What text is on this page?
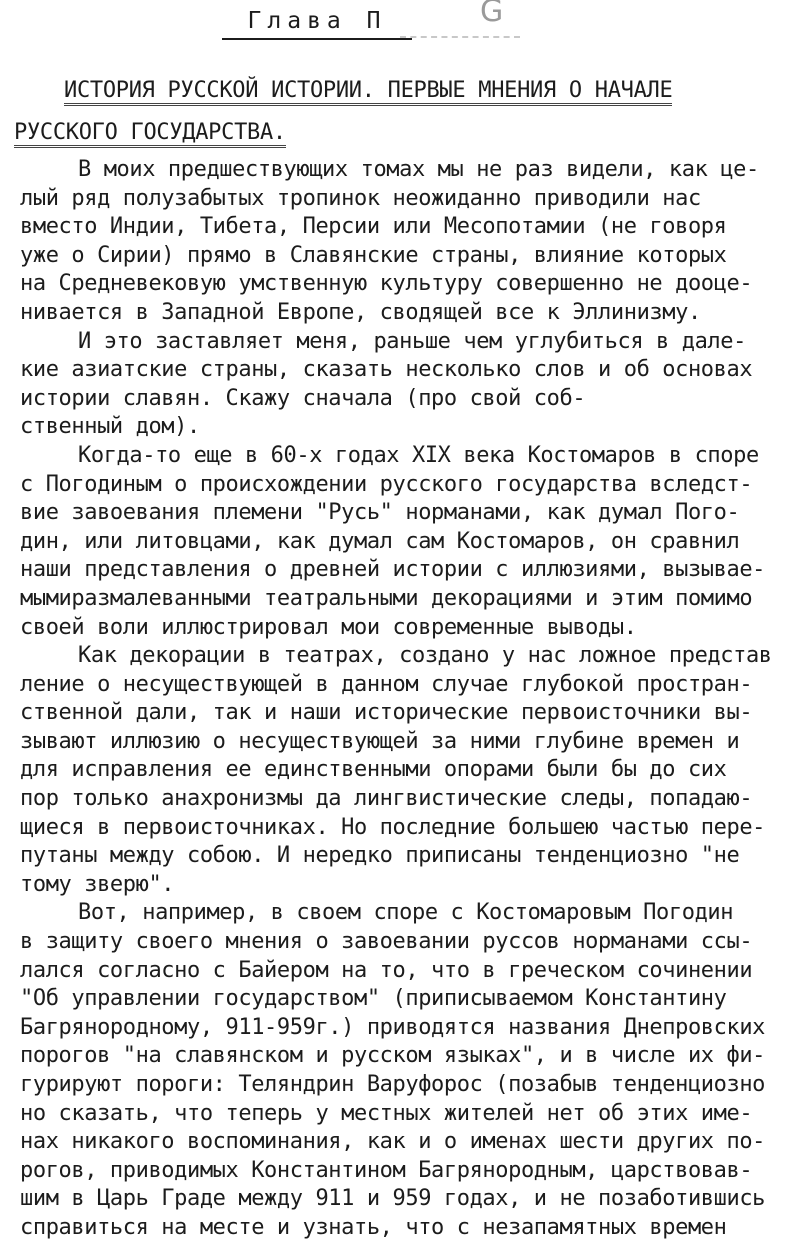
G
Глава П
ИСТОРИЯ РУССКОЙ ИСТОРИИ. ПЕРВЫЕ МНЕНИЯ О НАЧАЛЕ
РУССКОГО ГОСУДАРСТВА.
В моих предшествующих томах мы не раз видели, как це-
лый ряд полузабытых тропинок неожиданно приводили нас
вместо Индии, Тибета, Персии или Месопотамии (не говоря
уже о Сирии) прямо в Славянские страны, влияние которых
на Средневековую умственную культуру совершенно не дооце-
нивается в Западной Европе, сводящей все к Эллинизму.
И это заставляет меня, раньше чем углубиться в дале-
кие азиатские страны, сказать несколько слов и об основах
истории славян. Скажу сначала (про свой соб-
ственный дом).
Когда-то еще в 60-х годах XIX века Костомаров в споре
с Погодиным о происхождении русского государства вследст-
вие завоевания племени "Русь" норманами, как думал Пого-
дин, или литовцами, как думал сам Костомаров, он сравнил
наши представления о древней истории с иллюзиями, вызывае-
мымиразмалеванными театральными декорациями и этим помимо
своей воли иллюстрировал мои современные выводы.
Как декорации в театрах, создано у нас ложное представ
ление о несуществующей в данном случае глубокой простран-
ственной дали, так и наши исторические первоисточники вы-
зывают иллюзию о несуществующей за ними глубине времен и
для исправления ее единственными опорами были бы до сих
пор только анахронизмы да лингвистические следы, попадаю-
щиеся в первоисточниках. Но последние большею частью пере-
путаны между собою. И нередко приписаны тенденциозно "не
тому зверю".
Вот, например, в своем споре с Костомаровым Погодин
в защиту своего мнения о завоевании руссов норманами ссы-
лался согласно с Байером на то, что в греческом сочинении
"Об управлении государством" (приписываемом Константину
Багрянородному, 911-959г.) приводятся названия Днепровских
порогов "на славянском и русском языках", и в числе их фи-
гурируют пороги: Теляндрин Варуфорос (позабыв тенденциозно
но сказать, что теперь у местных жителей нет об этих име-
нах никакого воспоминания, как и о именах шести других по-
рогов, приводимых Константином Багрянородным, царствовав-
шим в Царь Граде между 911 и 959 годах, и не позаботившись
справиться на месте и узнать, что с незапамятных времен
